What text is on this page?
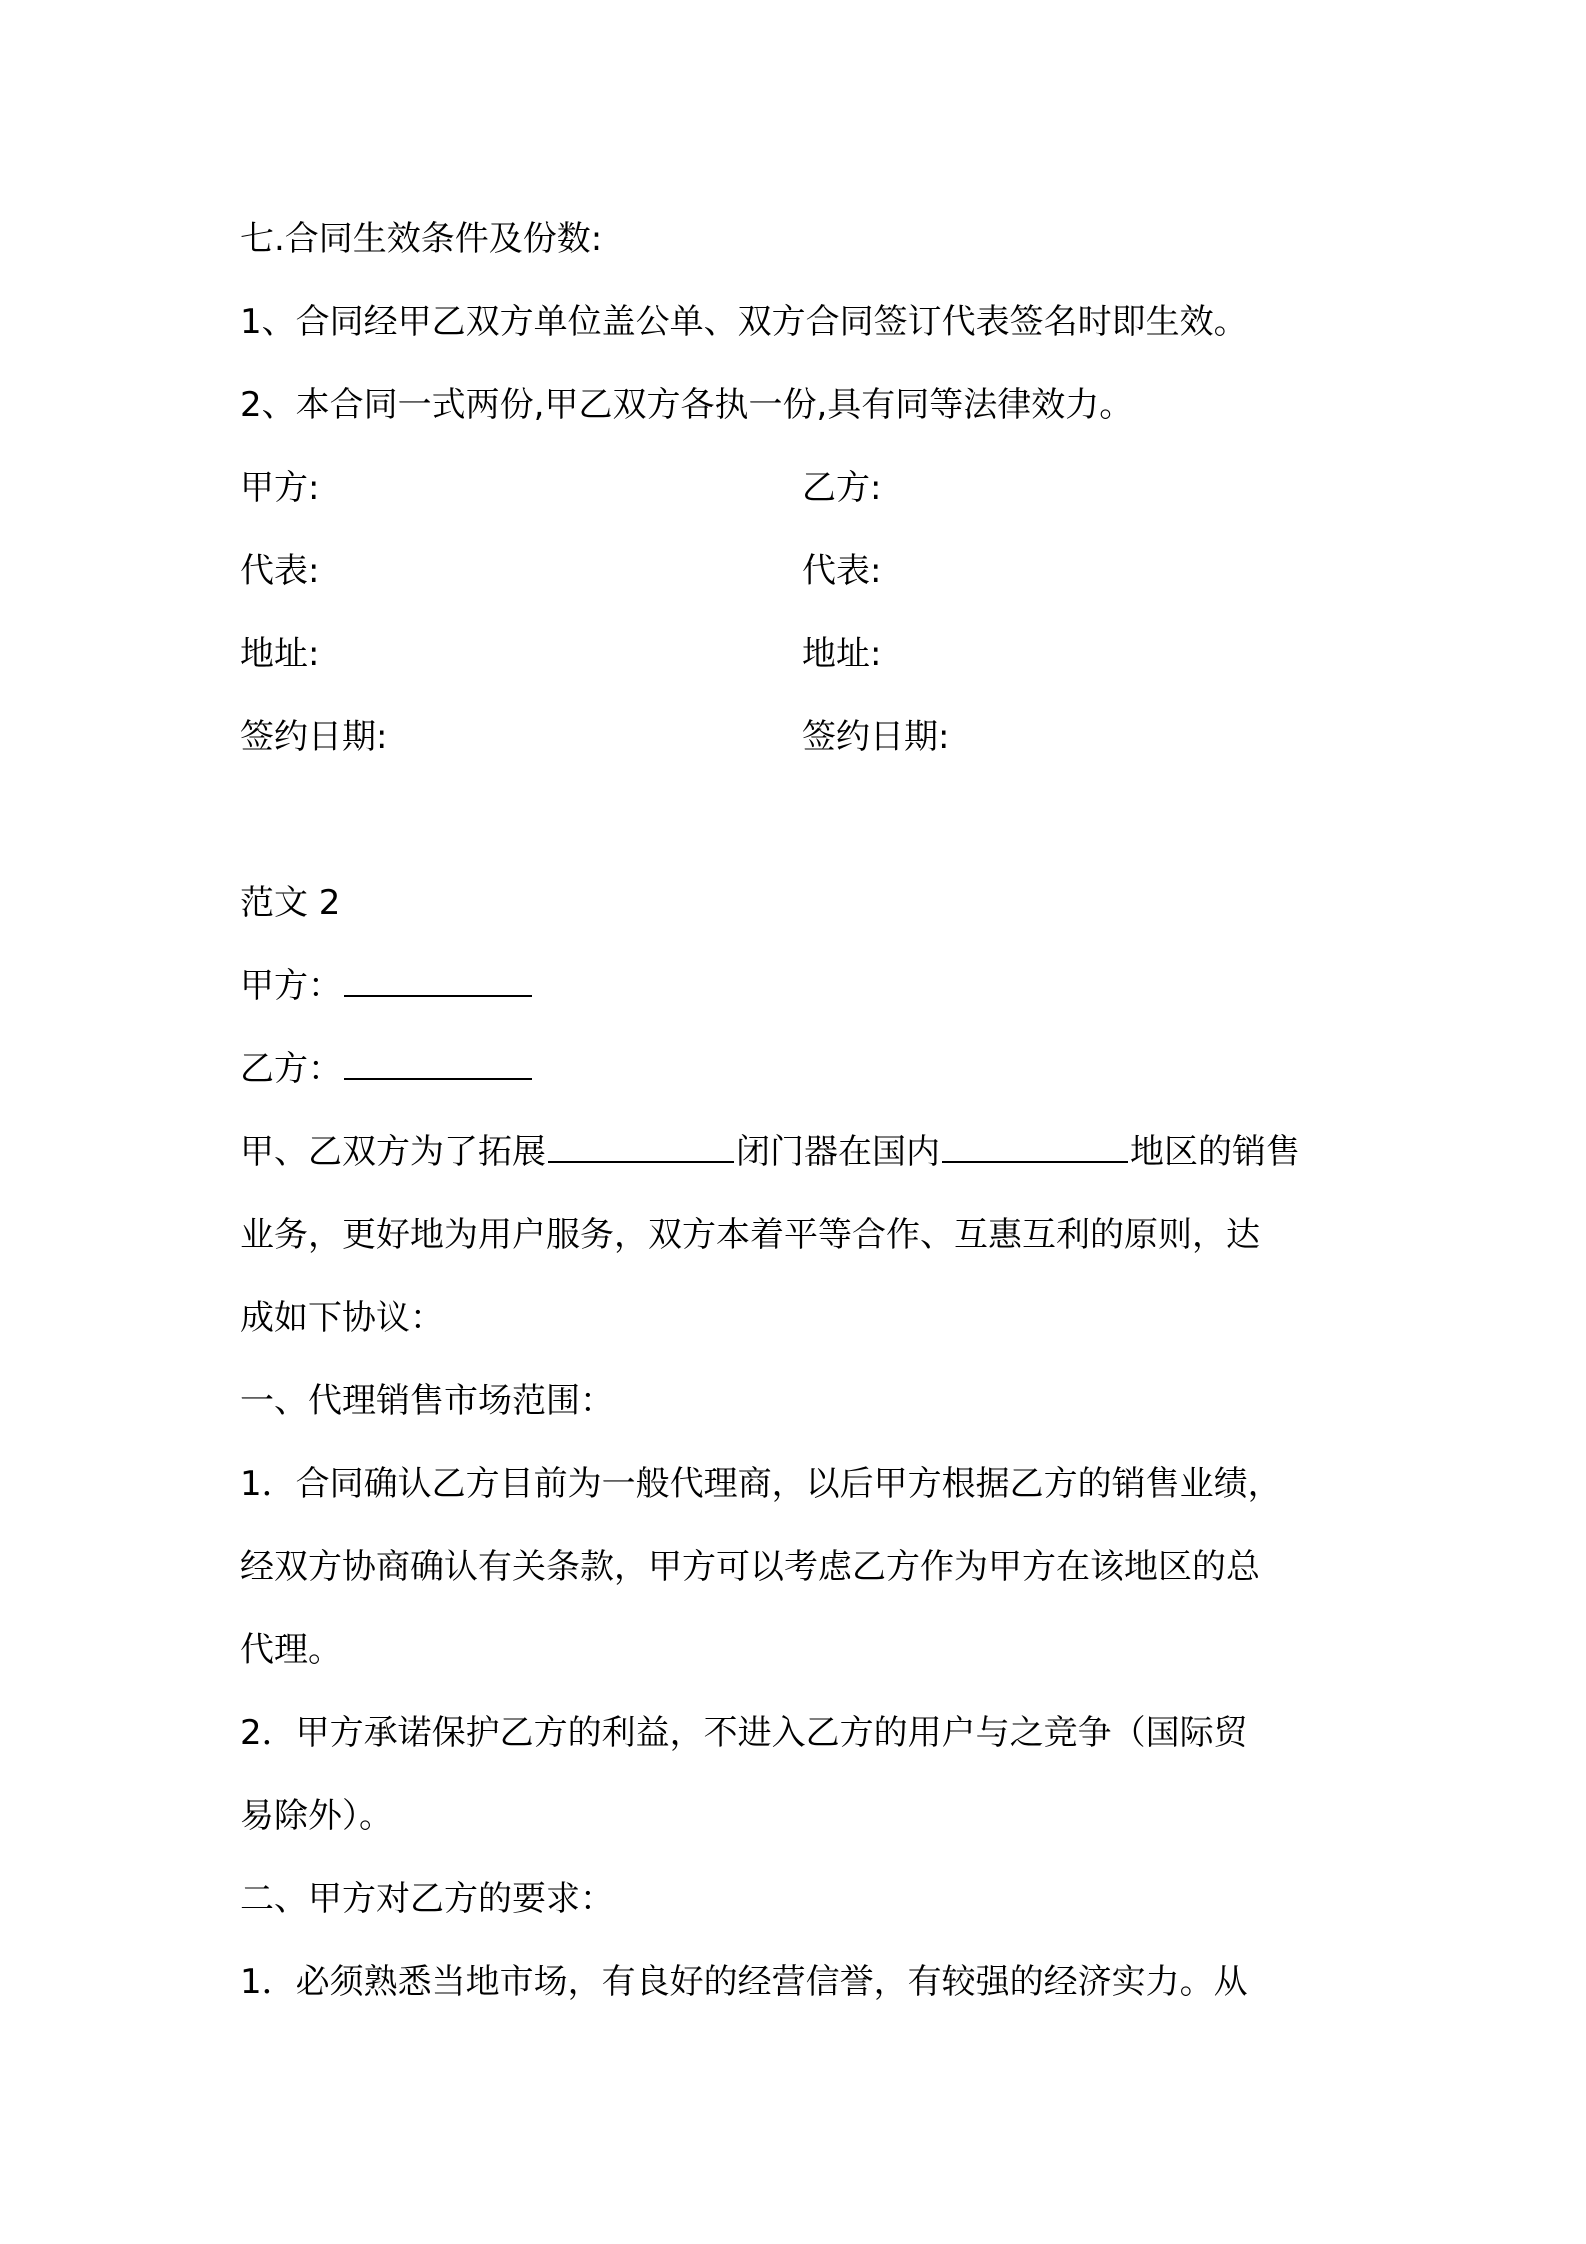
七.合同生效条件及份数:
1、合同经甲乙双方单位盖公单、双方合同签订代表签名时即生效。
2、本合同一式两份,甲乙双方各执一份,具有同等法律效力。
甲方:	乙方:
代表:	代表:
地址:	地址:
签约日期:	签约日期:
范文 2
甲方：
乙方：
甲、乙双方为了拓展	闭门器在国内	地区的销售
业务，更好地为用户服务，双方本着平等合作、互惠互利的原则，达
成如下协议：
一、代理销售市场范围：
1．合同确认乙方目前为一般代理商，以后甲方根据乙方的销售业绩，
经双方协商确认有关条款，甲方可以考虑乙方作为甲方在该地区的总
代理。
2．甲方承诺保护乙方的利益，不进入乙方的用户与之竞争（国际贸
易除外）。
二、甲方对乙方的要求：
1．必须熟悉当地市场，有良好的经营信誉，有较强的经济实力。从
